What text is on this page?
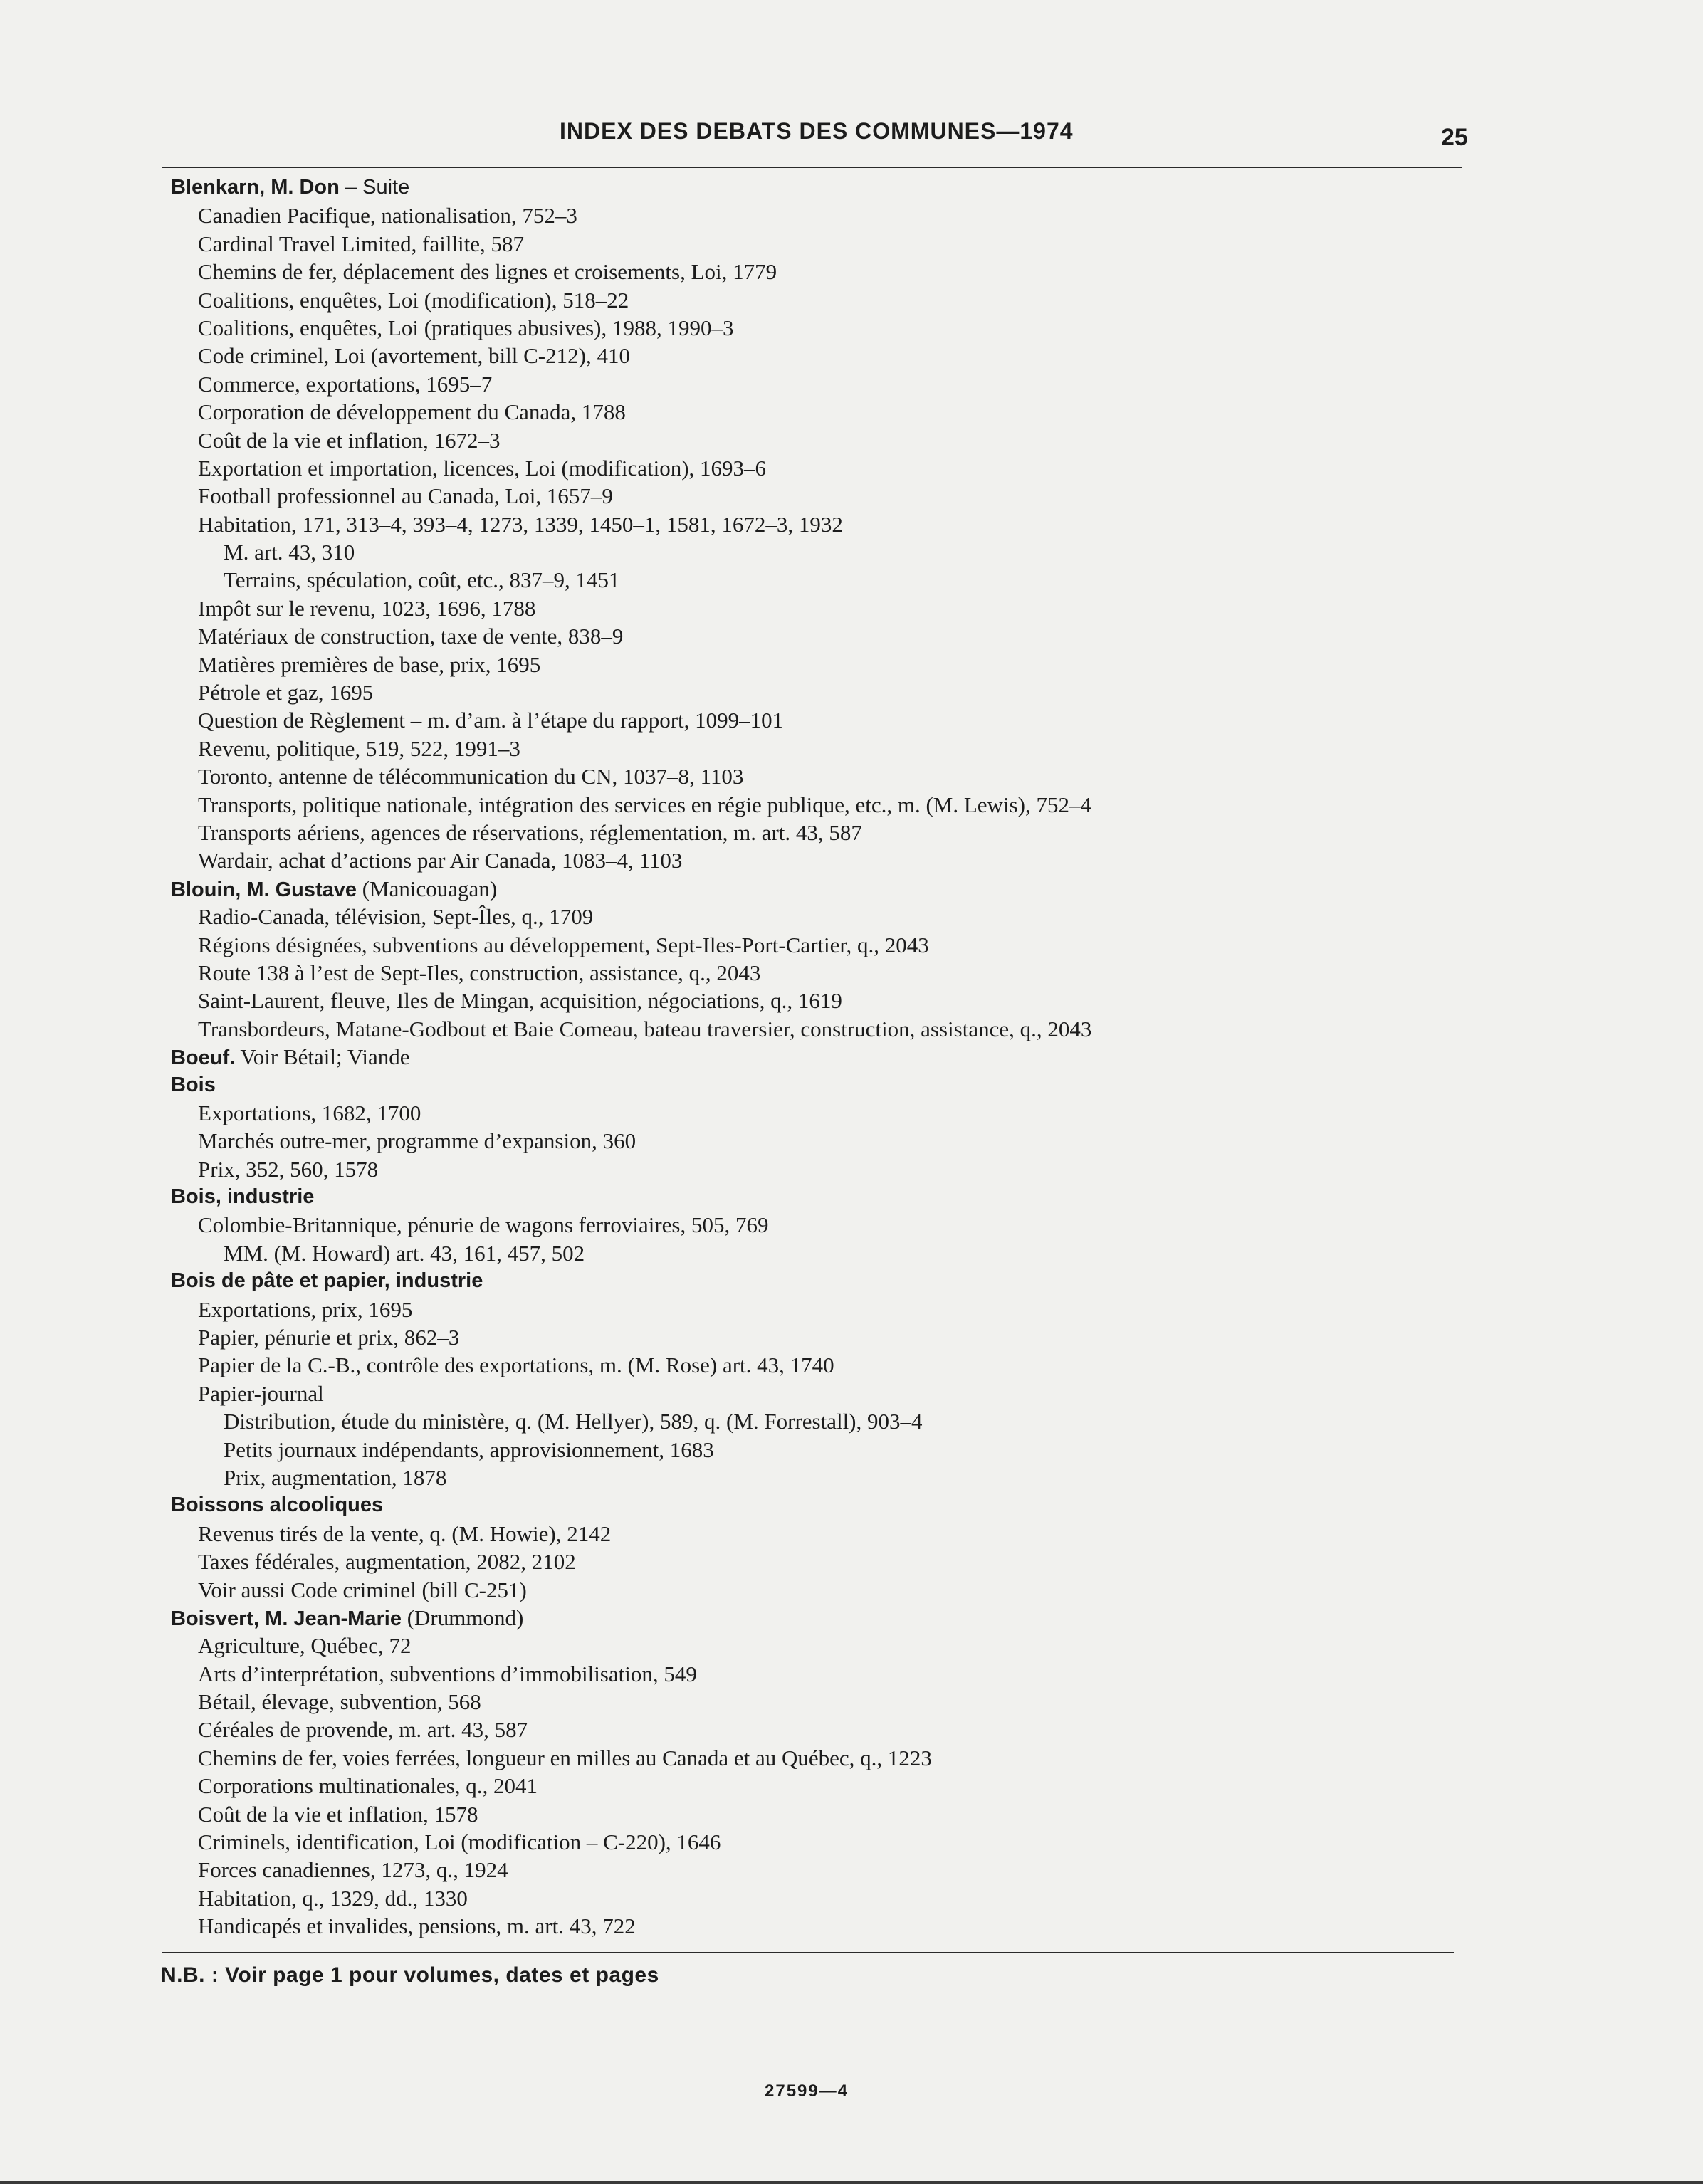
INDEX DES DEBATS DES COMMUNES—1974	25
Blenkarn, M. Don – Suite
Canadien Pacifique, nationalisation, 752–3
Cardinal Travel Limited, faillite, 587
Chemins de fer, déplacement des lignes et croisements, Loi, 1779
Coalitions, enquêtes, Loi (modification), 518–22
Coalitions, enquêtes, Loi (pratiques abusives), 1988, 1990–3
Code criminel, Loi (avortement, bill C-212), 410
Commerce, exportations, 1695–7
Corporation de développement du Canada, 1788
Coût de la vie et inflation, 1672–3
Exportation et importation, licences, Loi (modification), 1693–6
Football professionnel au Canada, Loi, 1657–9
Habitation, 171, 313–4, 393–4, 1273, 1339, 1450–1, 1581, 1672–3, 1932
M. art. 43, 310
Terrains, spéculation, coût, etc., 837–9, 1451
Impôt sur le revenu, 1023, 1696, 1788
Matériaux de construction, taxe de vente, 838–9
Matières premières de base, prix, 1695
Pétrole et gaz, 1695
Question de Règlement – m. d’am. à l’étape du rapport, 1099–101
Revenu, politique, 519, 522, 1991–3
Toronto, antenne de télécommunication du CN, 1037–8, 1103
Transports, politique nationale, intégration des services en régie publique, etc., m. (M. Lewis), 752–4
Transports aériens, agences de réservations, réglementation, m. art. 43, 587
Wardair, achat d’actions par Air Canada, 1083–4, 1103
Blouin, M. Gustave (Manicouagan)
Radio-Canada, télévision, Sept-Îles, q., 1709
Régions désignées, subventions au développement, Sept-Iles-Port-Cartier, q., 2043
Route 138 à l’est de Sept-Iles, construction, assistance, q., 2043
Saint-Laurent, fleuve, Iles de Mingan, acquisition, négociations, q., 1619
Transbordeurs, Matane-Godbout et Baie Comeau, bateau traversier, construction, assistance, q., 2043
Boeuf. Voir Bétail; Viande
Bois
Exportations, 1682, 1700
Marchés outre-mer, programme d’expansion, 360
Prix, 352, 560, 1578
Bois, industrie
Colombie-Britannique, pénurie de wagons ferroviaires, 505, 769
MM. (M. Howard) art. 43, 161, 457, 502
Bois de pâte et papier, industrie
Exportations, prix, 1695
Papier, pénurie et prix, 862–3
Papier de la C.-B., contrôle des exportations, m. (M. Rose) art. 43, 1740
Papier-journal
Distribution, étude du ministère, q. (M. Hellyer), 589, q. (M. Forrestall), 903–4
Petits journaux indépendants, approvisionnement, 1683
Prix, augmentation, 1878
Boissons alcooliques
Revenus tirés de la vente, q. (M. Howie), 2142
Taxes fédérales, augmentation, 2082, 2102
Voir aussi Code criminel (bill C-251)
Boisvert, M. Jean-Marie (Drummond)
Agriculture, Québec, 72
Arts d’interprétation, subventions d’immobilisation, 549
Bétail, élevage, subvention, 568
Céréales de provende, m. art. 43, 587
Chemins de fer, voies ferrées, longueur en milles au Canada et au Québec, q., 1223
Corporations multinationales, q., 2041
Coût de la vie et inflation, 1578
Criminels, identification, Loi (modification – C-220), 1646
Forces canadiennes, 1273, q., 1924
Habitation, q., 1329, dd., 1330
Handicapés et invalides, pensions, m. art. 43, 722
N.B. : Voir page 1 pour volumes, dates et pages
27599—4
